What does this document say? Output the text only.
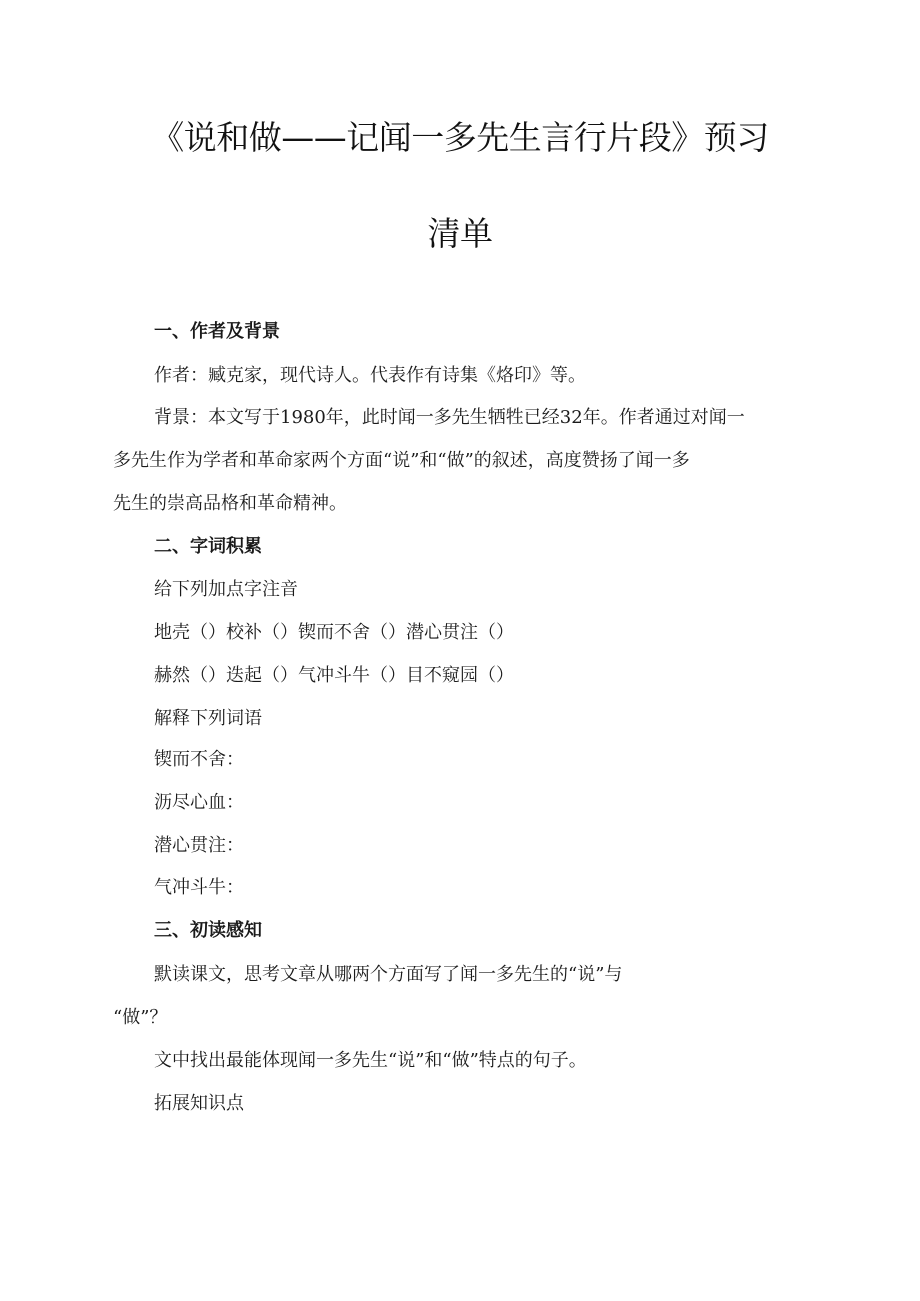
《说和做——记闻一多先生言行片段》预习
清单
一、作者及背景
作者：臧克家，现代诗人。代表作有诗集《烙印》等。
背景：本文写于1980年，此时闻一多先生牺牲已经32年。作者通过对闻一
多先生作为学者和革命家两个方面“说”和“做”的叙述，高度赞扬了闻一多
先生的崇高品格和革命精神。
二、字词积累
给下列加点字注音
地壳（）校补（）锲而不舍（）潜心贯注（）
赫然（）迭起（）气冲斗牛（）目不窥园（）
解释下列词语
锲而不舍：
沥尽心血：
潜心贯注：
气冲斗牛：
三、初读感知
默读课文，思考文章从哪两个方面写了闻一多先生的“说”与
“做”？
文中找出最能体现闻一多先生“说”和“做”特点的句子。
拓展知识点
